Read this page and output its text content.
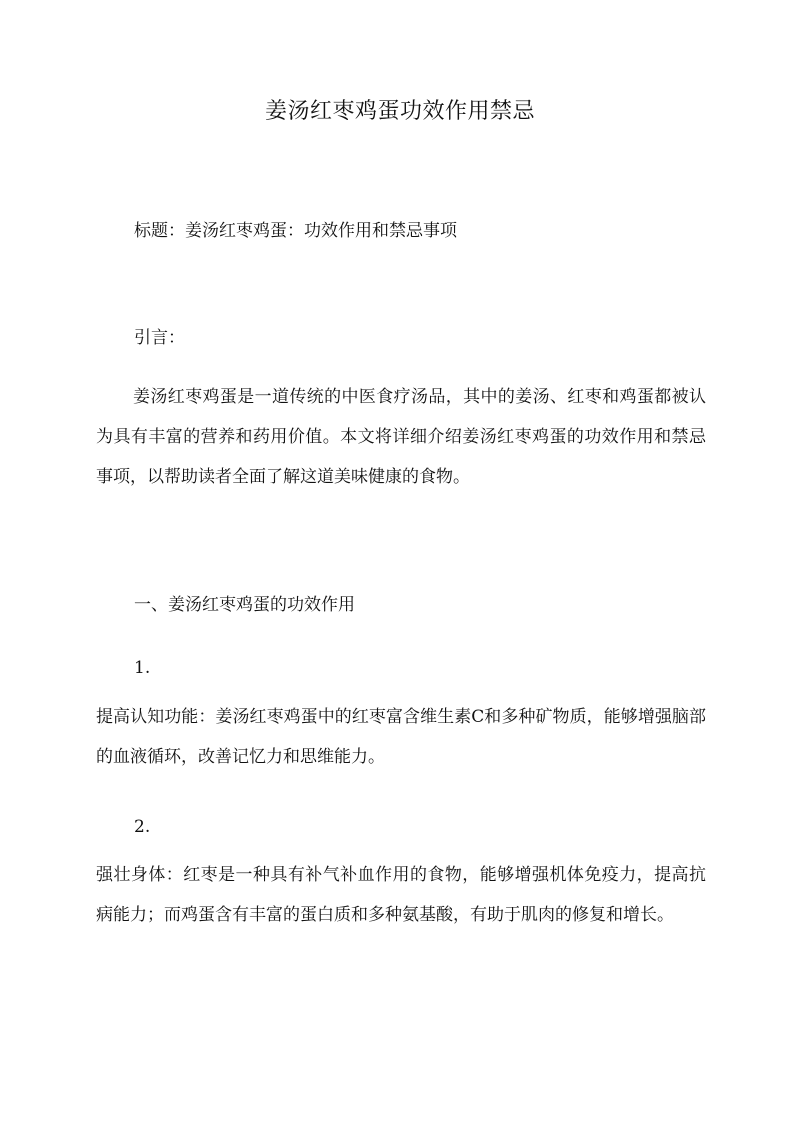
姜汤红枣鸡蛋功效作用禁忌
标题：姜汤红枣鸡蛋：功效作用和禁忌事项
引言：

姜汤红枣鸡蛋是一道传统的中医食疗汤品，其中的姜汤、红枣和鸡蛋都被认为具有丰富的营养和药用价值。本文将详细介绍姜汤红枣鸡蛋的功效作用和禁忌事项，以帮助读者全面了解这道美味健康的食物。

一、姜汤红枣鸡蛋的功效作用
1.

提高认知功能：姜汤红枣鸡蛋中的红枣富含维生素C和多种矿物质，能够增强脑部的血液循环，改善记忆力和思维能力。

2.

强壮身体：红枣是一种具有补气补血作用的食物，能够增强机体免疫力，提高抗病能力；而鸡蛋含有丰富的蛋白质和多种氨基酸，有助于肌肉的修复和增长。
